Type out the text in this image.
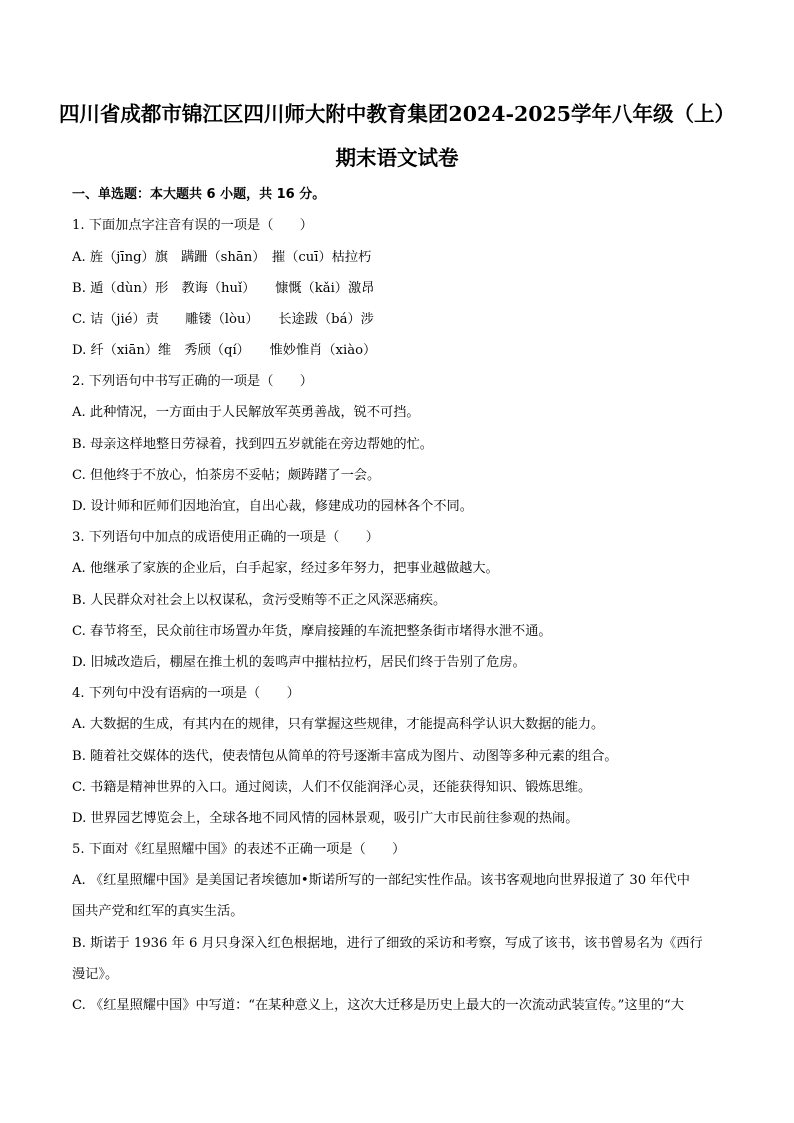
四川省成都市锦江区四川师大附中教育集团2024-2025学年八年级（上）
期末语文试卷
一、单选题：本大题共 6 小题，共 16 分。
1. 下面加点字注音有误的一项是（　　）
A. 旌（jīng）旗　蹒跚（shān）　摧（cuī）枯拉朽
B. 遁（dùn）形　教诲（huǐ）　　慷慨（kǎi）激昂
C. 诘（jié）责　　雕镂（lòu）　　长途跋（bá）涉
D. 纤（xiān）维　秀颀（qí）　　惟妙惟肖（xiào）
2. 下列语句中书写正确的一项是（　　）
A. 此种情况，一方面由于人民解放军英勇善战，锐不可挡。
B. 母亲这样地整日劳禄着，找到四五岁就能在旁边帮她的忙。
C. 但他终于不放心，怕茶房不妥帖；颇踌躇了一会。
D. 设计师和匠师们因地治宜，自出心裁，修建成功的园林各个不同。
3. 下列语句中加点的成语使用正确的一项是（　　）
A. 他继承了家族的企业后，白手起家，经过多年努力，把事业越做越大。
B. 人民群众对社会上以权谋私，贪污受贿等不正之风深恶痛疾。
C. 春节将至，民众前往市场置办年货，摩肩接踵的车流把整条街市堵得水泄不通。
D. 旧城改造后，棚屋在推土机的轰鸣声中摧枯拉朽，居民们终于告别了危房。
4. 下列句中没有语病的一项是（　　）
A. 大数据的生成，有其内在的规律，只有掌握这些规律，才能提高科学认识大数据的能力。
B. 随着社交媒体的迭代，使表情包从简单的符号逐渐丰富成为图片、动图等多种元素的组合。
C. 书籍是精神世界的入口。通过阅读，人们不仅能润泽心灵，还能获得知识、锻炼思维。
D. 世界园艺博览会上，全球各地不同风情的园林景观，吸引广大市民前往参观的热闹。
5. 下面对《红星照耀中国》的表述不正确一项是（　　）
A. 《红星照耀中国》是美国记者埃德加•斯诺所写的一部纪实性作品。该书客观地向世界报道了 30 年代中
国共产党和红军的真实生活。
B. 斯诺于 1936 年 6 月只身深入红色根据地，进行了细致的采访和考察，写成了该书，该书曾易名为《西行
漫记》。
C. 《红星照耀中国》中写道：“在某种意义上，这次大迁移是历史上最大的一次流动武装宣传。”这里的“大
